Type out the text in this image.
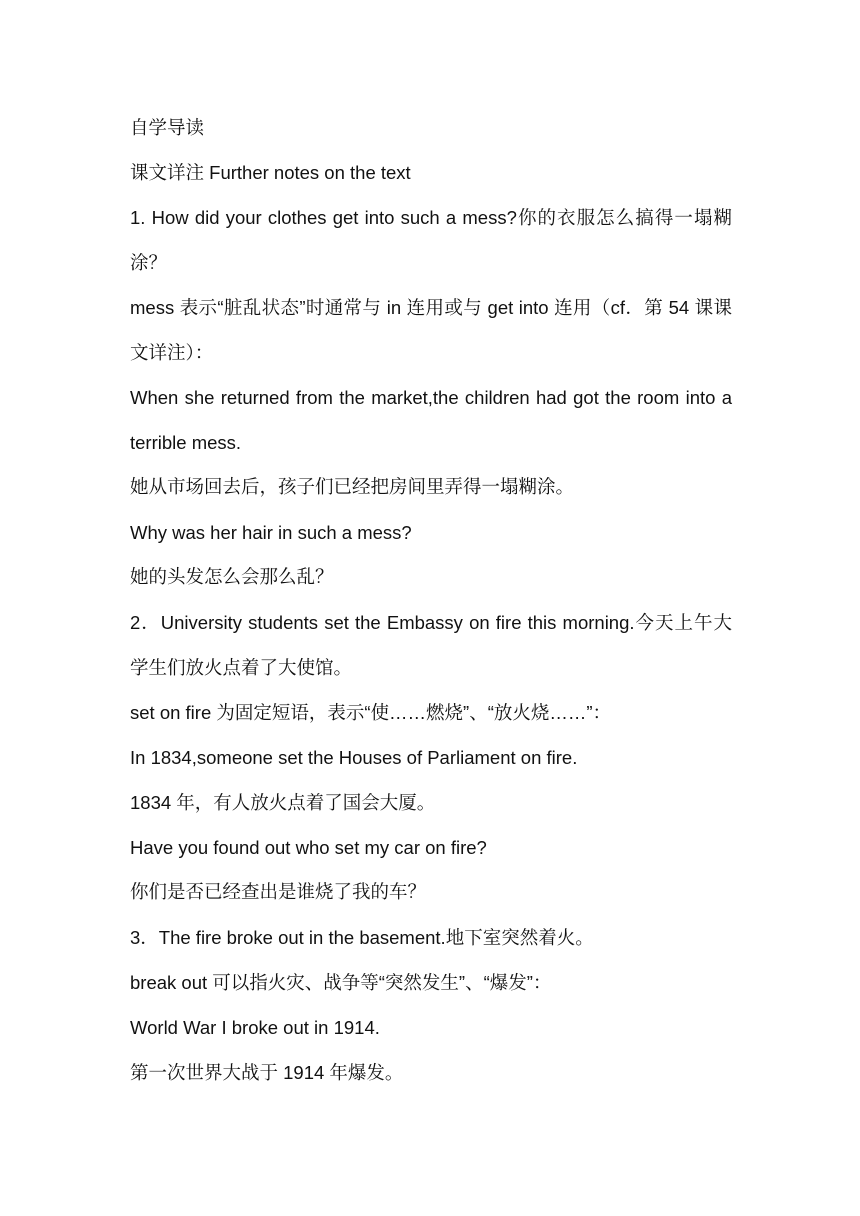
自学导读

课文详注 Further notes on the text

1. How did your clothes get into such a mess?你的衣服怎么搞得一塌糊涂？

mess 表示“脏乱状态”时通常与 in 连用或与 get into 连用（cf．第 54 课课文详注）：

When she returned from the market,the children had got the room into a terrible mess.

她从市场回去后，孩子们已经把房间里弄得一塌糊涂。

Why was her hair in such a mess?

她的头发怎么会那么乱？

2．University students set the Embassy on fire this morning.今天上午大学生们放火点着了大使馆。

set on fire 为固定短语，表示“使……燃烧”、“放火烧……”：

In 1834,someone set the Houses of Parliament on fire.

1834 年，有人放火点着了国会大厦。

Have you found out who set my car on fire?

你们是否已经查出是谁烧了我的车？

3．The fire broke out in the basement.地下室突然着火。

break out 可以指火灾、战争等“突然发生”、“爆发”：

World War I broke out in 1914.

第一次世界大战于 1914 年爆发。
